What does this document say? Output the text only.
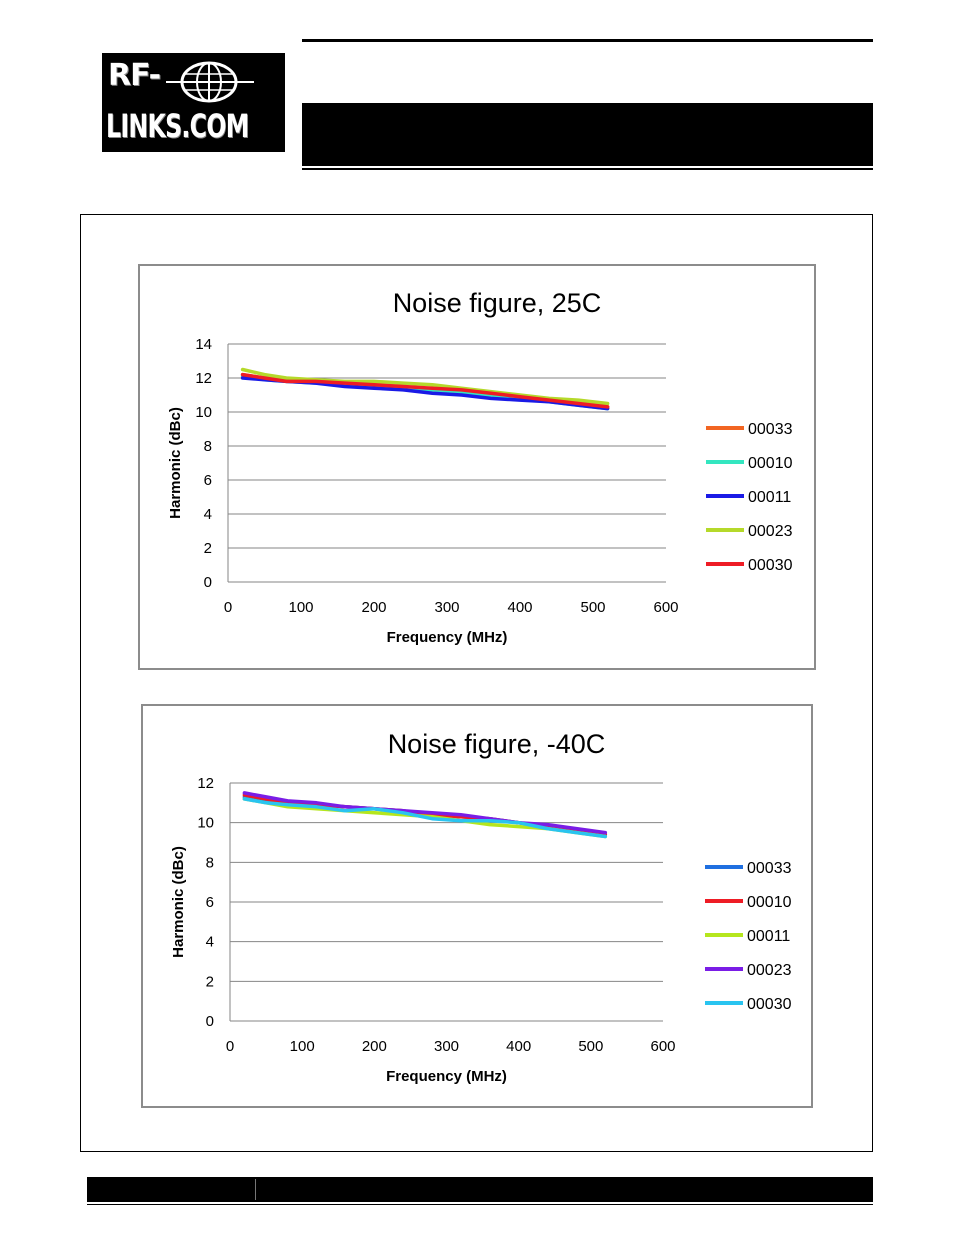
RF-
LINKS.COM
Noise figure, 25C
14
12
10
8
6
4
2
0
0	100	200	300	400	500	600
Frequency (MHz)
Harmonic (dBc)	00033
00010
00011
00023
00030
Noise figure, -40C
12
10
8
6
4
2
0
0	100	200	300	400	500	600
Frequency (MHz)
Harmonic (dBc)	00033
00010
00011
00023
00030
